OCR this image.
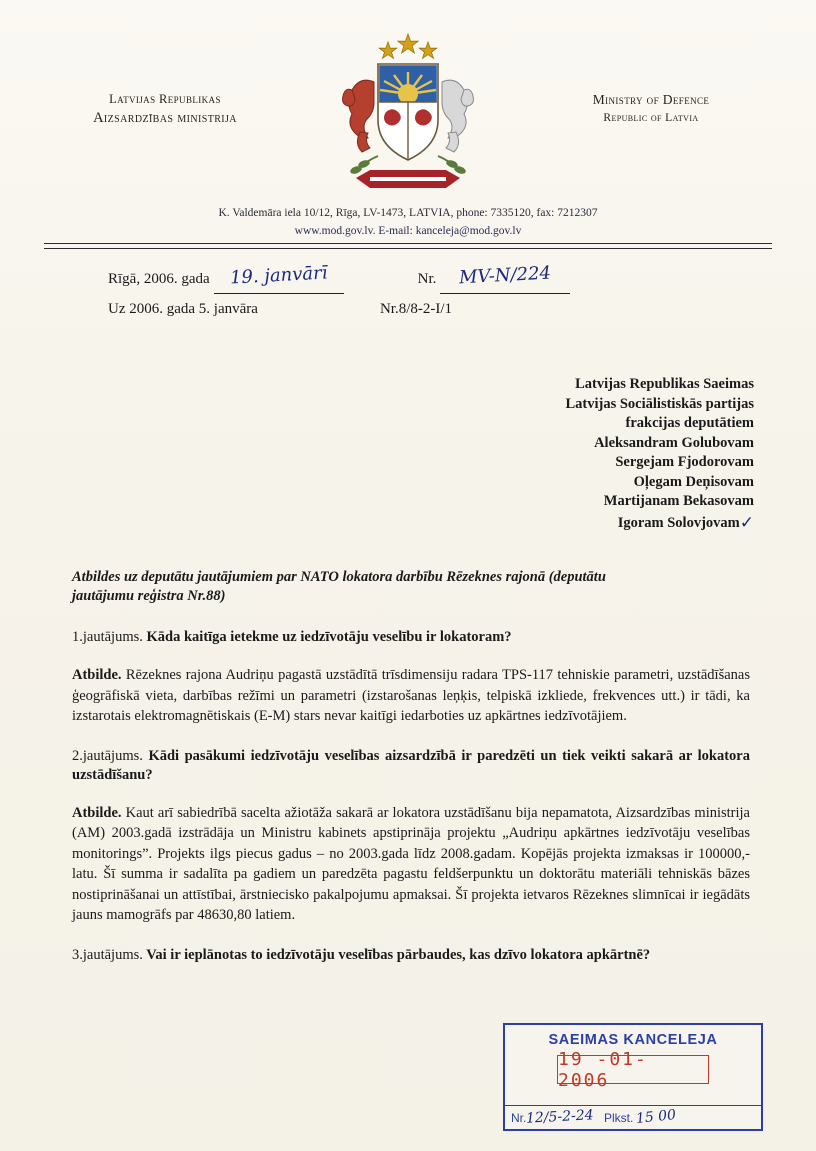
Latvijas Republikas
Aizsardzības ministrija
Ministry of Defence
Republic of Latvia
K. Valdemāra iela 10/12, Rīga, LV-1473, LATVIA, phone: 7335120, fax: 7212307
www.mod.gov.lv. E-mail: kanceleja@mod.gov.lv
Rīgā, 2006. gada	19. janvārī	Nr.	MV-N/224
Uz 2006. gada 5. janvāra	Nr.8/8-2-I/1
Latvijas Republikas Saeimas
Latvijas Sociālistiskās partijas
frakcijas deputātiem
Aleksandram Golubovam
Sergejam Fjodorovam
Oļegam Deņisovam
Martijanam Bekasovam
Igoram Solovjovam✓
Atbildes uz deputātu jautājumiem par NATO lokatora darbību Rēzeknes rajonā (deputātu
jautājumu reģistra Nr.88)
1.jautājums. Kāda kaitīga ietekme uz iedzīvotāju veselību ir lokatoram?
Atbilde. Rēzeknes rajona Audriņu pagastā uzstādītā trīsdimensiju radara TPS-117 tehniskie parametri, uzstādīšanas ģeogrāfiskā vieta, darbības režīmi un parametri (izstarošanas leņķis, telpiskā izkliede, frekvences utt.) ir tādi, ka izstarotais elektromagnētiskais (E-M) stars nevar kaitīgi iedarboties uz apkārtnes iedzīvotājiem.
2.jautājums. Kādi pasākumi iedzīvotāju veselības aizsardzībā ir paredzēti un tiek veikti sakarā ar lokatora uzstādīšanu?
Atbilde. Kaut arī sabiedrībā sacelta ažiotāža sakarā ar lokatora uzstādīšanu bija nepamatota, Aizsardzības ministrija (AM) 2003.gadā izstrādāja un Ministru kabinets apstiprināja projektu „Audriņu apkārtnes iedzīvotāju veselības monitorings”. Projekts ilgs piecus gadus – no 2003.gada līdz 2008.gadam. Kopējās projekta izmaksas ir 100000,- latu. Šī summa ir sadalīta pa gadiem un paredzēta pagastu feldšerpunktu un doktorātu materiāli tehniskās bāzes nostiprināšanai un attīstībai, ārstniecisko pakalpojumu apmaksai. Šī projekta ietvaros Rēzeknes slimnīcai ir iegādāts jauns mamogrāfs par 48630,80 latiem.
3.jautājums. Vai ir ieplānotas to iedzīvotāju veselības pārbaudes, kas dzīvo lokatora apkārtnē?
SAEIMAS KANCELEJA
19 -01- 2006
Nr. 12/5-2-24 Plkst. 15 00
